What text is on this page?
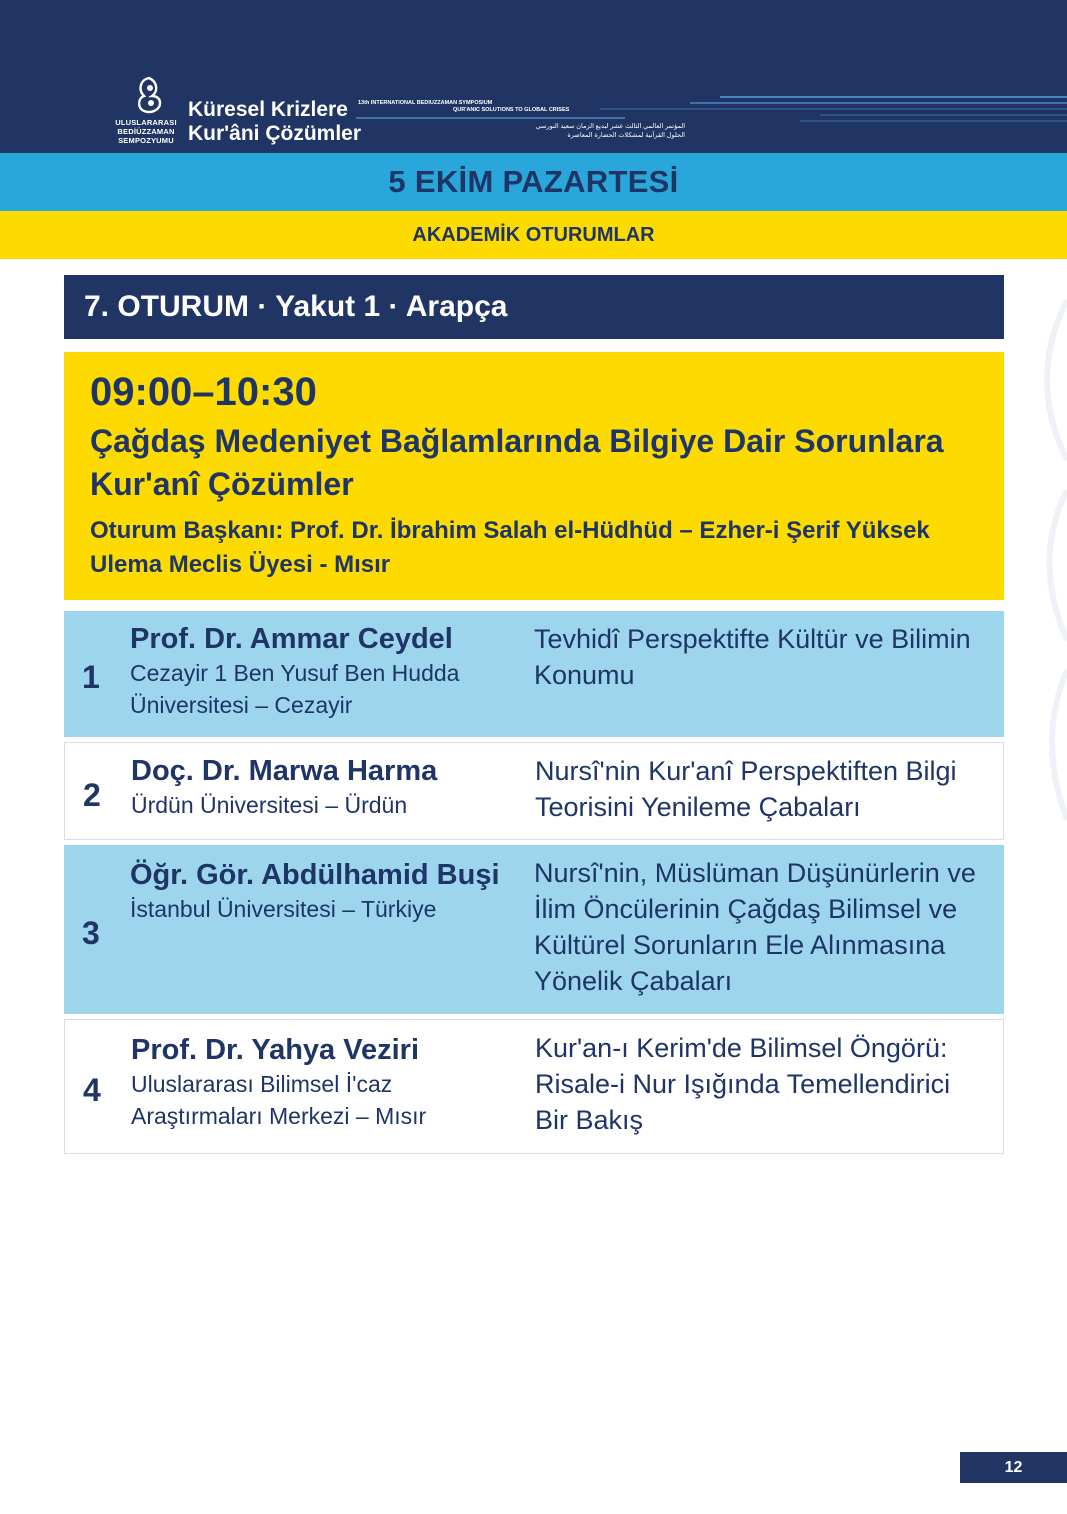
ULUSLARARASI BEDİÜZZAMAN SEMPOZYUMU
Küresel Krizlere
Kur'âni Çözümler
13th INTERNATIONAL BEDIUZZAMAN SYMPOSIUM
QUR'ANIC SOLUTIONS TO GLOBAL CRISES
المؤتمر العالمي الثالث عشر لبديع الزمان سعيد النورسي
الحلول القرآنية لمشكلات الحضارة المعاصرة
5 EKİM PAZARTESİ
AKADEMİK OTURUMLAR
7. OTURUM · Yakut 1 · Arapça
09:00–10:30
Çağdaş Medeniyet Bağlamlarında Bilgiye Dair Sorunlara Kur'anî Çözümler
Oturum Başkanı: Prof. Dr. İbrahim Salah el-Hüdhüd – Ezher-i Şerif Yüksek Ulema Meclis Üyesi - Mısır
1
Prof. Dr. Ammar Ceydel
Cezayir 1 Ben Yusuf Ben Hudda Üniversitesi – Cezayir
Tevhidî Perspektifte Kültür ve Bilimin Konumu
2
Doç. Dr. Marwa Harma
Ürdün Üniversitesi – Ürdün
Nursî'nin Kur'anî Perspektiften Bilgi Teorisini Yenileme Çabaları
3
Öğr. Gör. Abdülhamid Buşi
İstanbul Üniversitesi – Türkiye
Nursî'nin, Müslüman Düşünürlerin ve İlim Öncülerinin Çağdaş Bilimsel ve Kültürel Sorunların Ele Alınmasına Yönelik Çabaları
4
Prof. Dr. Yahya Veziri
Uluslararası Bilimsel İ'caz Araştırmaları Merkezi – Mısır
Kur'an-ı Kerim'de Bilimsel Öngörü: Risale-i Nur Işığında Temellendirici Bir Bakış
12
